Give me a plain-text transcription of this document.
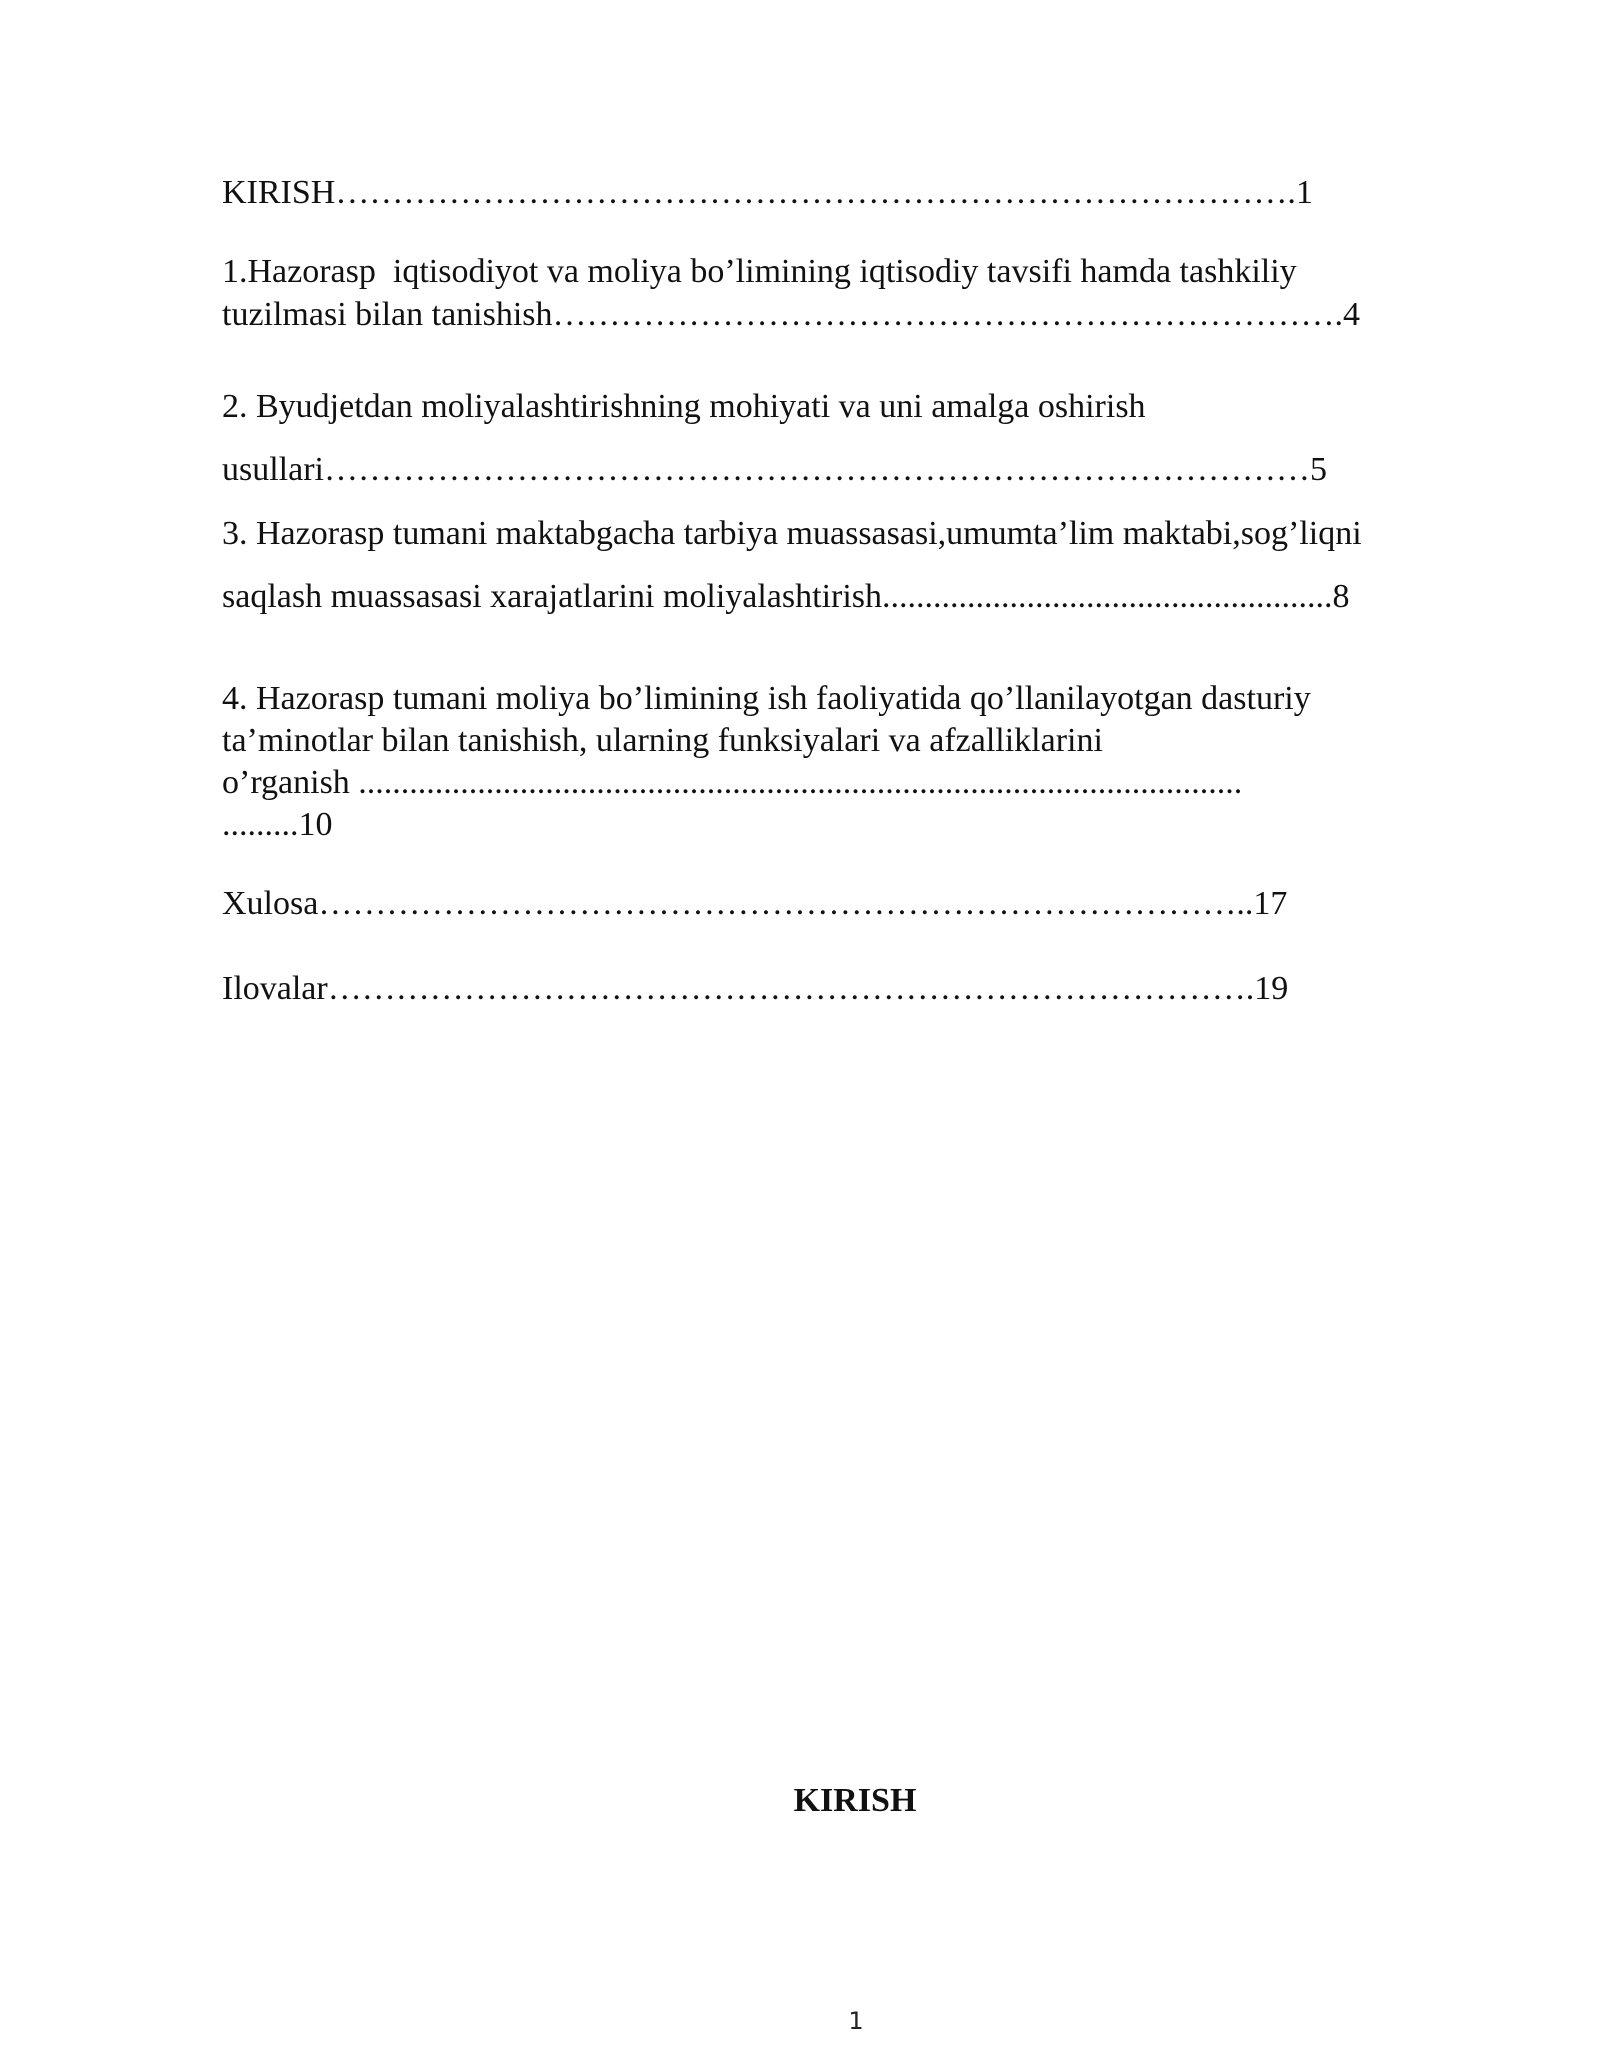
KIRISH………………………………………………………………………….1

1.Hazorasp  iqtisodiyot va moliya bo’limining iqtisodiy tavsifi hamda tashkiliy

tuzilmasi bilan tanishish…………………………………………………………….4

2. Byudjetdan moliyalashtirishning mohiyati va uni amalga oshirish

usullari……………………………………………………………………………5

3. Hazorasp tumani maktabgacha tarbiya muassasasi,umumta’lim maktabi,sog’liqni

saqlash muassasasi xarajatlarini moliyalashtirish.....................................................8

4. Hazorasp tumani moliya bo’limining ish faoliyatida qo’llanilayotgan dasturiy

ta’minotlar bilan tanishish, ularning funksiyalari va afzalliklarini

o’rganish ........................................................................................................

.........10

Xulosa………………………………………………………………………..17

Ilovalar……………………………………………………………………….19

KIRISH

1
